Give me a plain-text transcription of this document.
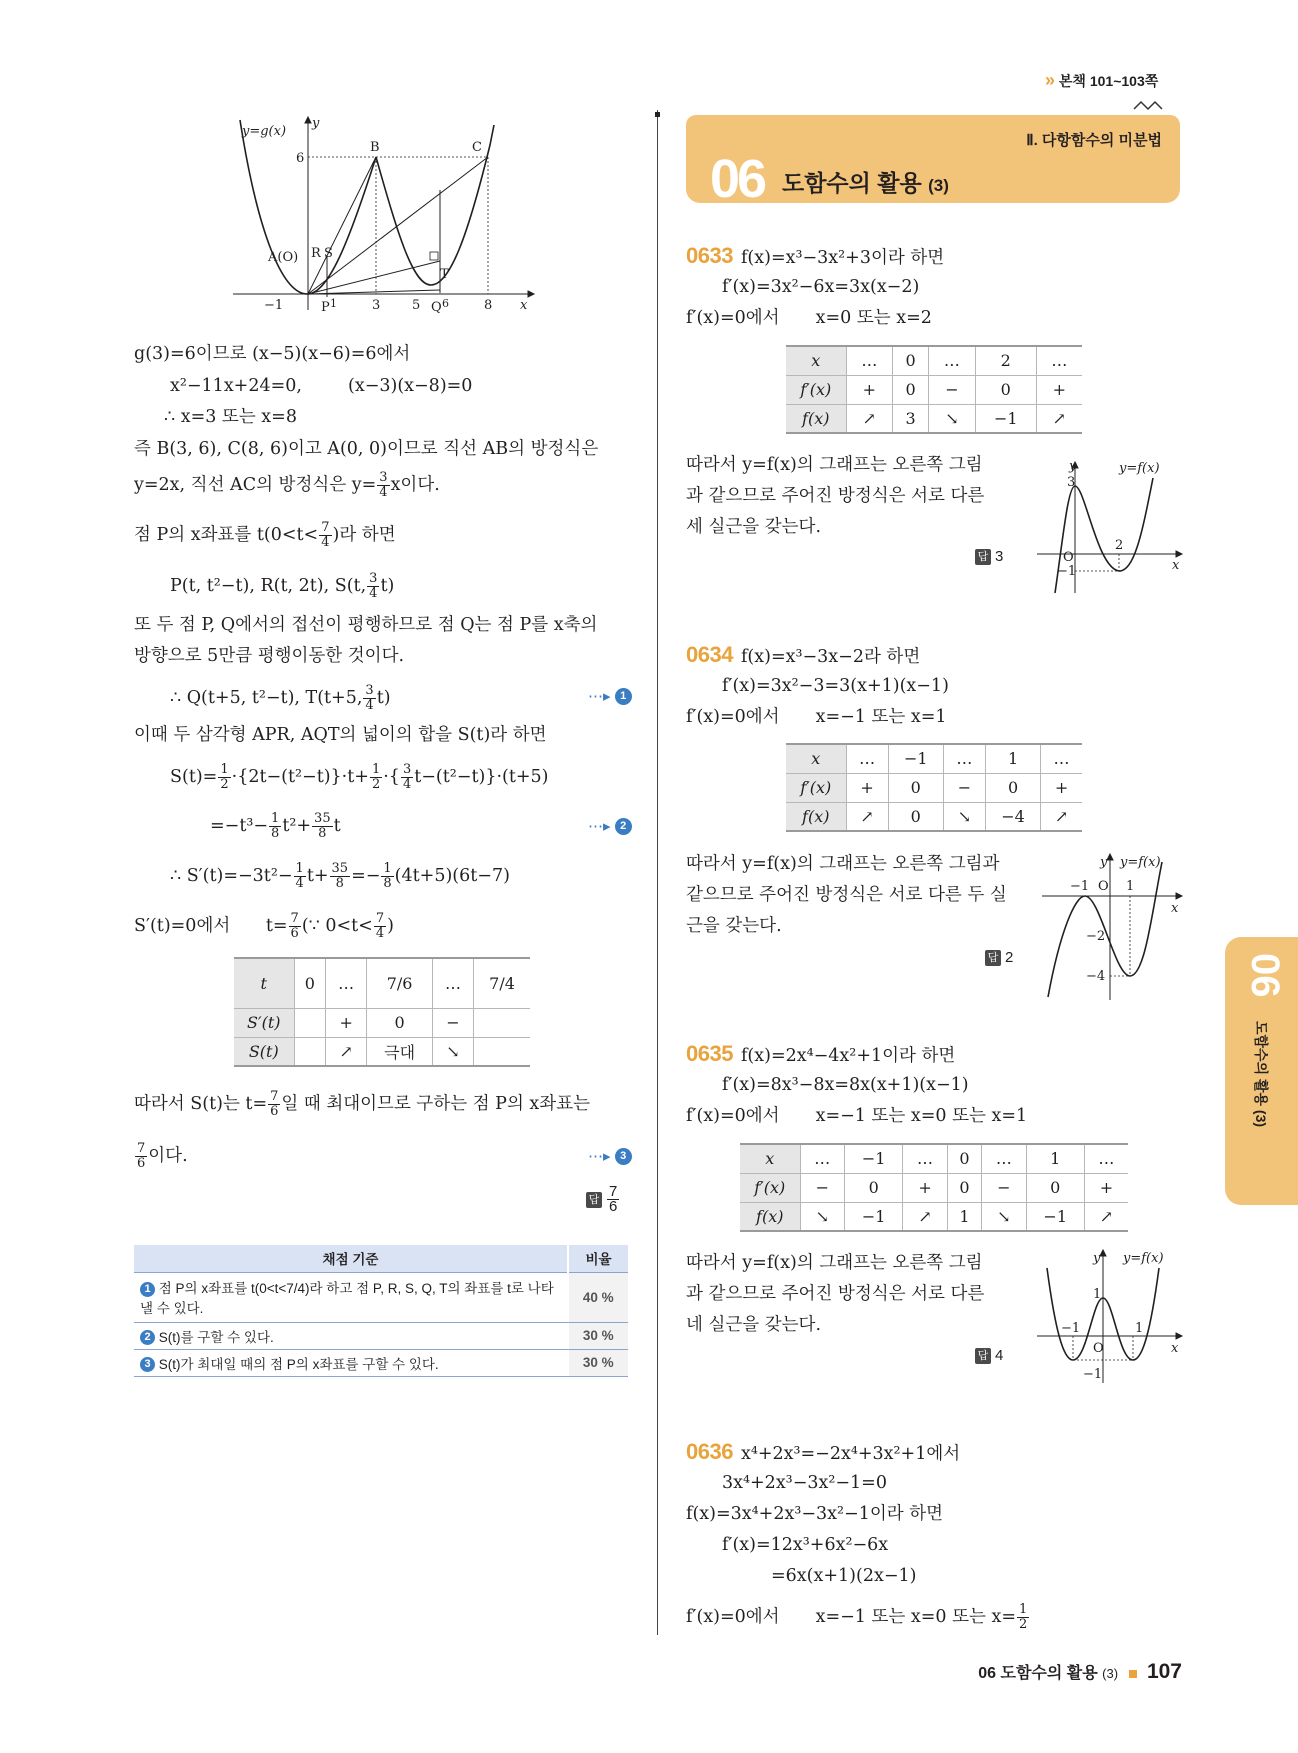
» 본책 101~103쪽
Ⅱ. 다항함수의 미분법
06 도함수의 활용 (3)
06
도함수의 활용 (3)
06 도함수의 활용 (3) 107
y=g(x)
y
x
6
A(O) R S
B	C
T
P	Q
−1	1	3 5 6	8
g(3)=6이므로 (x−5)(x−6)=6에서
x²−11x+24=0,	(x−3)(x−8)=0
∴ x=3 또는 x=8
즉 B(3, 6), C(8, 6)이고 A(0, 0)이므로 직선 AB의 방정식은
y=2x, 직선 AC의 방정식은 $y= \frac{3}{4}$ x이다.
점 P의 x좌표를 $t(0<t< \frac{7}{4}$ )라 하면
P(t, t²−t), R(t, 2t), S(t, $\frac{3}{4} t$)
또 두 점 P, Q에서의 접선이 평행하므로 점 Q는 점 P를 x축의
방향으로 5만큼 평행이동한 것이다.
∴ Q(t+5, t²−t), T(t+5, $\frac{3}{4} t$)	⋯▸ 1
이때 두 삼각형 APR, AQT의 넓이의 합을 S(t)라 하면
$S(t)= \frac{1}{2} \cdot\{2t-(t^2-t)\}\cdot t+ \frac{1}{2}$ ·{ $\frac{3}{4} t-(t^2-t)\}\cdot(t+5)$
$=-t^3- \frac{1}{8} t^2+ \frac{35}{8}$ t	⋯▸ 2
∴ $S'(t)=-3t^2- \frac{1}{4} t+ \frac{35}{8} =- \frac{1}{8} (4t+5)(6t-7)$
S′(t)=0에서 $t= \frac{7}{6}$ (∵ $0<t< \frac{7}{4}$ )
t	0	…	7/6	…	7/4
S′(t)		+	0	−	
S(t)		↗	극대	↘	
따라서 S(t)는 $t= \frac{7}{6}$ 일 때 최대이므로 구하는 점 P의 x좌표는
$\frac{7}{6}$ 이다.	⋯▸ 3
답 $\frac{7}{6}$
채점 기준	비율
1 점 P의 x좌표를 t(0<t<7/4)라 하고 점 P, R, S, Q, T의 좌표를 t로 나타낼 수 있다.	40 %
2 S(t)를 구할 수 있다.	30 %
3 S(t)가 최대일 때의 점 P의 x좌표를 구할 수 있다.	30 %
0633 f(x)=x³−3x²+3이라 하면
f′(x)=3x²−6x=3x(x−2)
f′(x)=0에서 x=0 또는 x=2
x	…	0	…	2	…
f′(x)	+	0	−	0	+
f(x)	↗	3	↘	−1	↗
따라서 y=f(x)의 그래프는 오른쪽 그림
과 같으므로 주어진 방정식은 서로 다른
세 실근을 갖는다.
답 3
y=f(x)
y
x
O
3
2
−1
0634 f(x)=x³−3x−2라 하면
f′(x)=3x²−3=3(x+1)(x−1)
f′(x)=0에서 x=−1 또는 x=1
x	…	−1	…	1	…
f′(x)	+	0	−	0	+
f(x)	↗	0	↘	−4	↗
따라서 y=f(x)의 그래프는 오른쪽 그림과
같으므로 주어진 방정식은 서로 다른 두 실
근을 갖는다.
답 2
y=f(x)
y
x
O
−1	1
−2
−4
0635 f(x)=2x⁴−4x²+1이라 하면
f′(x)=8x³−8x=8x(x+1)(x−1)
f′(x)=0에서 x=−1 또는 x=0 또는 x=1
x	…	−1	…	0	…	1	…
f′(x)	−	0	+	0	−	0	+
f(x)	↘	−1	↗	1	↘	−1	↗
따라서 y=f(x)의 그래프는 오른쪽 그림
과 같으므로 주어진 방정식은 서로 다른
네 실근을 갖는다.
답 4
y=f(x)
y
x
O
1
−1	1
−1
0636 x⁴+2x³=−2x⁴+3x²+1에서
3x⁴+2x³−3x²−1=0
f(x)=3x⁴+2x³−3x²−1이라 하면
f′(x)=12x³+6x²−6x
=6x(x+1)(2x−1)
f′(x)=0에서 x=−1 또는 x=0 또는 $x= \frac{1}{2}$
